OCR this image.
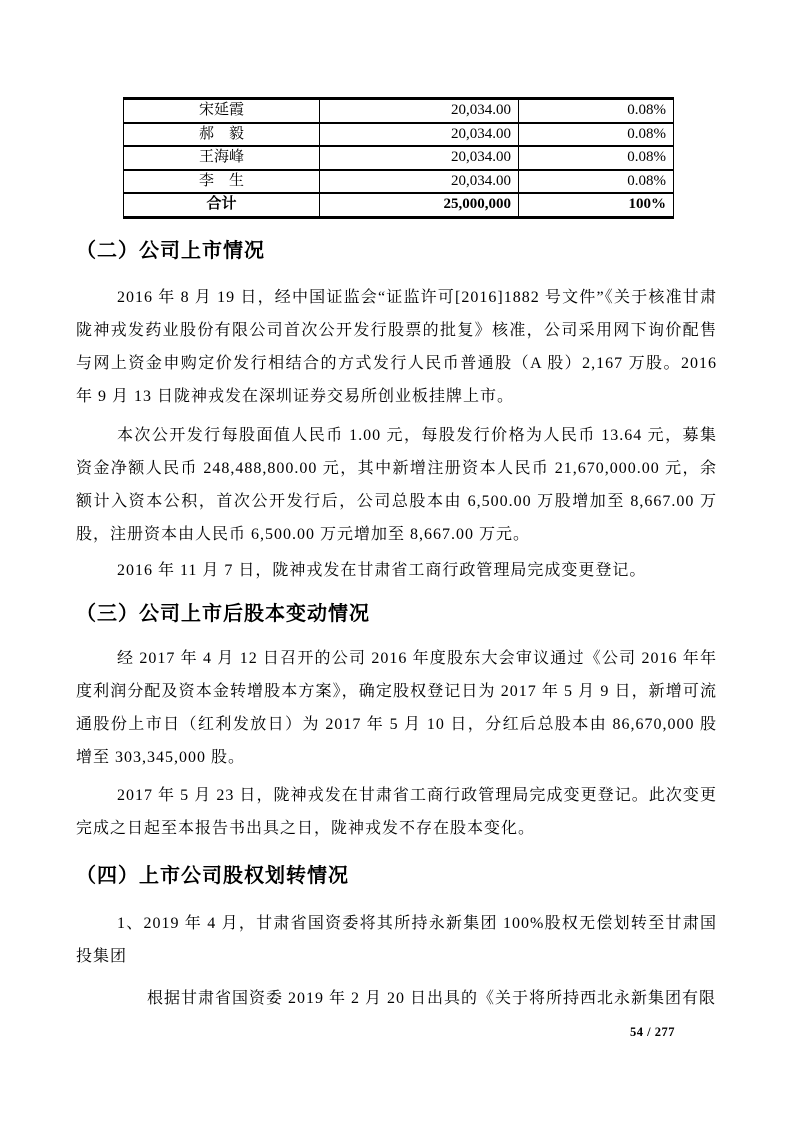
宋延霞	20,034.00	0.08%
郝　毅	20,034.00	0.08%
王海峰	20,034.00	0.08%
李　生	20,034.00	0.08%
合计	25,000,000	100%
（二）公司上市情况
2016 年 8 月 19 日，经中国证监会“证监许可[2016]1882 号文件”《关于核准甘肃陇神戎发药业股份有限公司首次公开发行股票的批复》核准，公司采用网下询价配售与网上资金申购定价发行相结合的方式发行人民币普通股（A 股）2,167 万股。2016 年 9 月 13 日陇神戎发在深圳证券交易所创业板挂牌上市。
本次公开发行每股面值人民币 1.00 元，每股发行价格为人民币 13.64 元，募集资金净额人民币 248,488,800.00 元，其中新增注册资本人民币 21,670,000.00 元，余额计入资本公积，首次公开发行后，公司总股本由 6,500.00 万股增加至 8,667.00 万股，注册资本由人民币 6,500.00 万元增加至 8,667.00 万元。
2016 年 11 月 7 日，陇神戎发在甘肃省工商行政管理局完成变更登记。
（三）公司上市后股本变动情况
经 2017 年 4 月 12 日召开的公司 2016 年度股东大会审议通过《公司 2016 年年度利润分配及资本金转增股本方案》，确定股权登记日为 2017 年 5 月 9 日，新增可流通股份上市日（红利发放日）为 2017 年 5 月 10 日，分红后总股本由 86,670,000 股增至 303,345,000 股。
2017 年 5 月 23 日，陇神戎发在甘肃省工商行政管理局完成变更登记。此次变更完成之日起至本报告书出具之日，陇神戎发不存在股本变化。
（四）上市公司股权划转情况
1、2019 年 4 月，甘肃省国资委将其所持永新集团 100%股权无偿划转至甘肃国投集团
根据甘肃省国资委 2019 年 2 月 20 日出具的《关于将所持西北永新集团有限
54 / 277
